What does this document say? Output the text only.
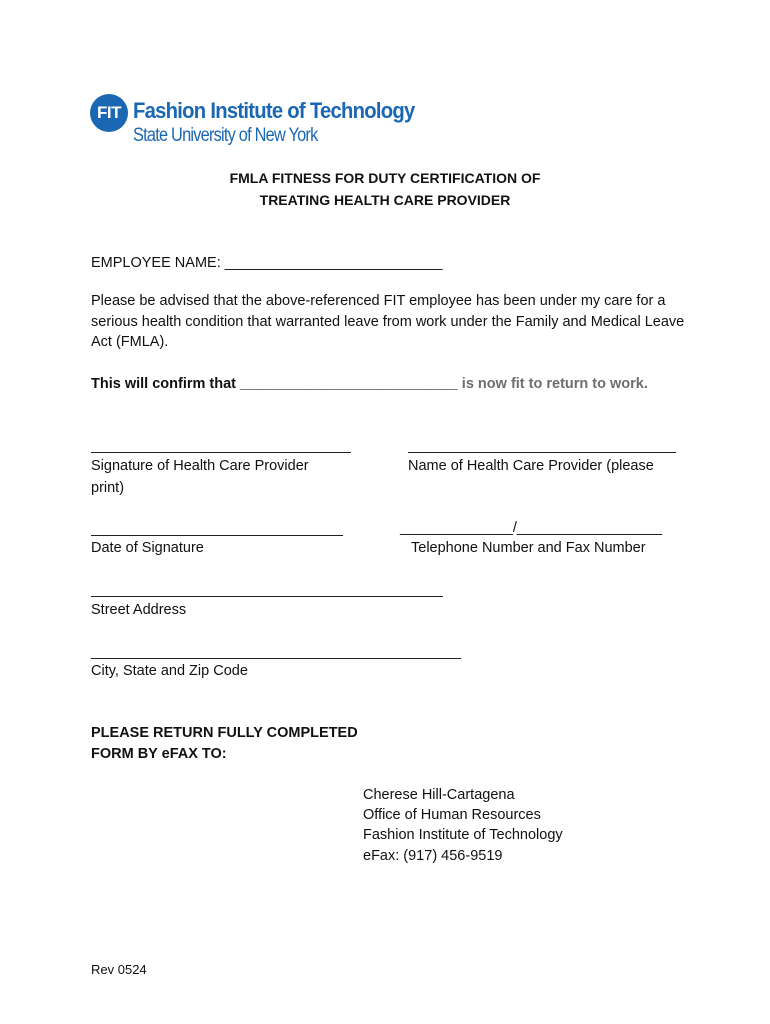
FIT Fashion Institute of Technology
State University of New York
FMLA FITNESS FOR DUTY CERTIFICATION OF
TREATING HEALTH CARE PROVIDER
EMPLOYEE NAME: ___________________________
Please be advised that the above-referenced FIT employee has been under my care for a serious health condition that warranted leave from work under the Family and Medical Leave Act (FMLA).
This will confirm that ___________________________ is now fit to return to work.
Signature of Health Care Provider
print)
Name of Health Care Provider (please
______________/__________________
Date of Signature	Telephone Number and Fax Number
Street Address
City, State and Zip Code
PLEASE RETURN FULLY COMPLETED
FORM BY eFAX TO:
Cherese Hill-Cartagena
Office of Human Resources
Fashion Institute of Technology
eFax: (917) 456-9519
Rev 0524
